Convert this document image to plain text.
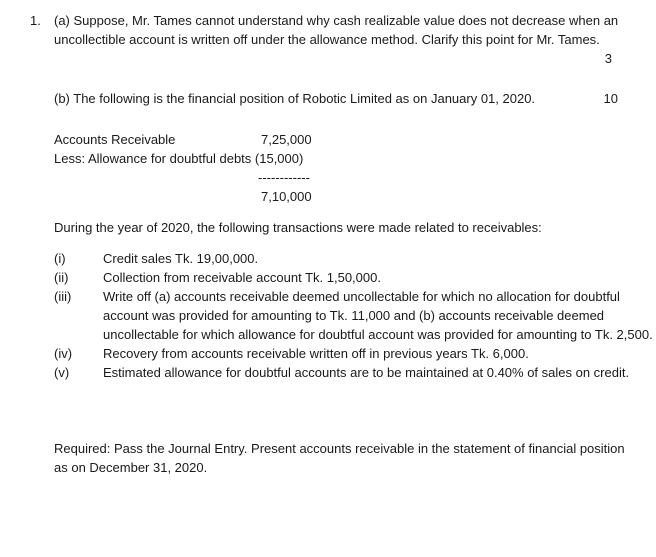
1. (a) Suppose, Mr. Tames cannot understand why cash realizable value does not decrease when an uncollectible account is written off under the allowance method. Clarify this point for Mr. Tames.
3
(b) The following is the financial position of Robotic Limited as on January 01, 2020.	10
Accounts Receivable	7,25,000
Less: Allowance for doubtful debts (15,000)
------------
7,10,000
During the year of 2020, the following transactions were made related to receivables:
(i)	Credit sales Tk. 19,00,000.
(ii)	Collection from receivable account Tk. 1,50,000.
(iii)	Write off (a) accounts receivable deemed uncollectable for which no allocation for doubtful account was provided for amounting to Tk. 11,000 and (b) accounts receivable deemed uncollectable for which allowance for doubtful account was provided for amounting to Tk. 2,500.
(iv)	Recovery from accounts receivable written off in previous years Tk. 6,000.
(v)	Estimated allowance for doubtful accounts are to be maintained at 0.40% of sales on credit.
Required: Pass the Journal Entry. Present accounts receivable in the statement of financial position as on December 31, 2020.
